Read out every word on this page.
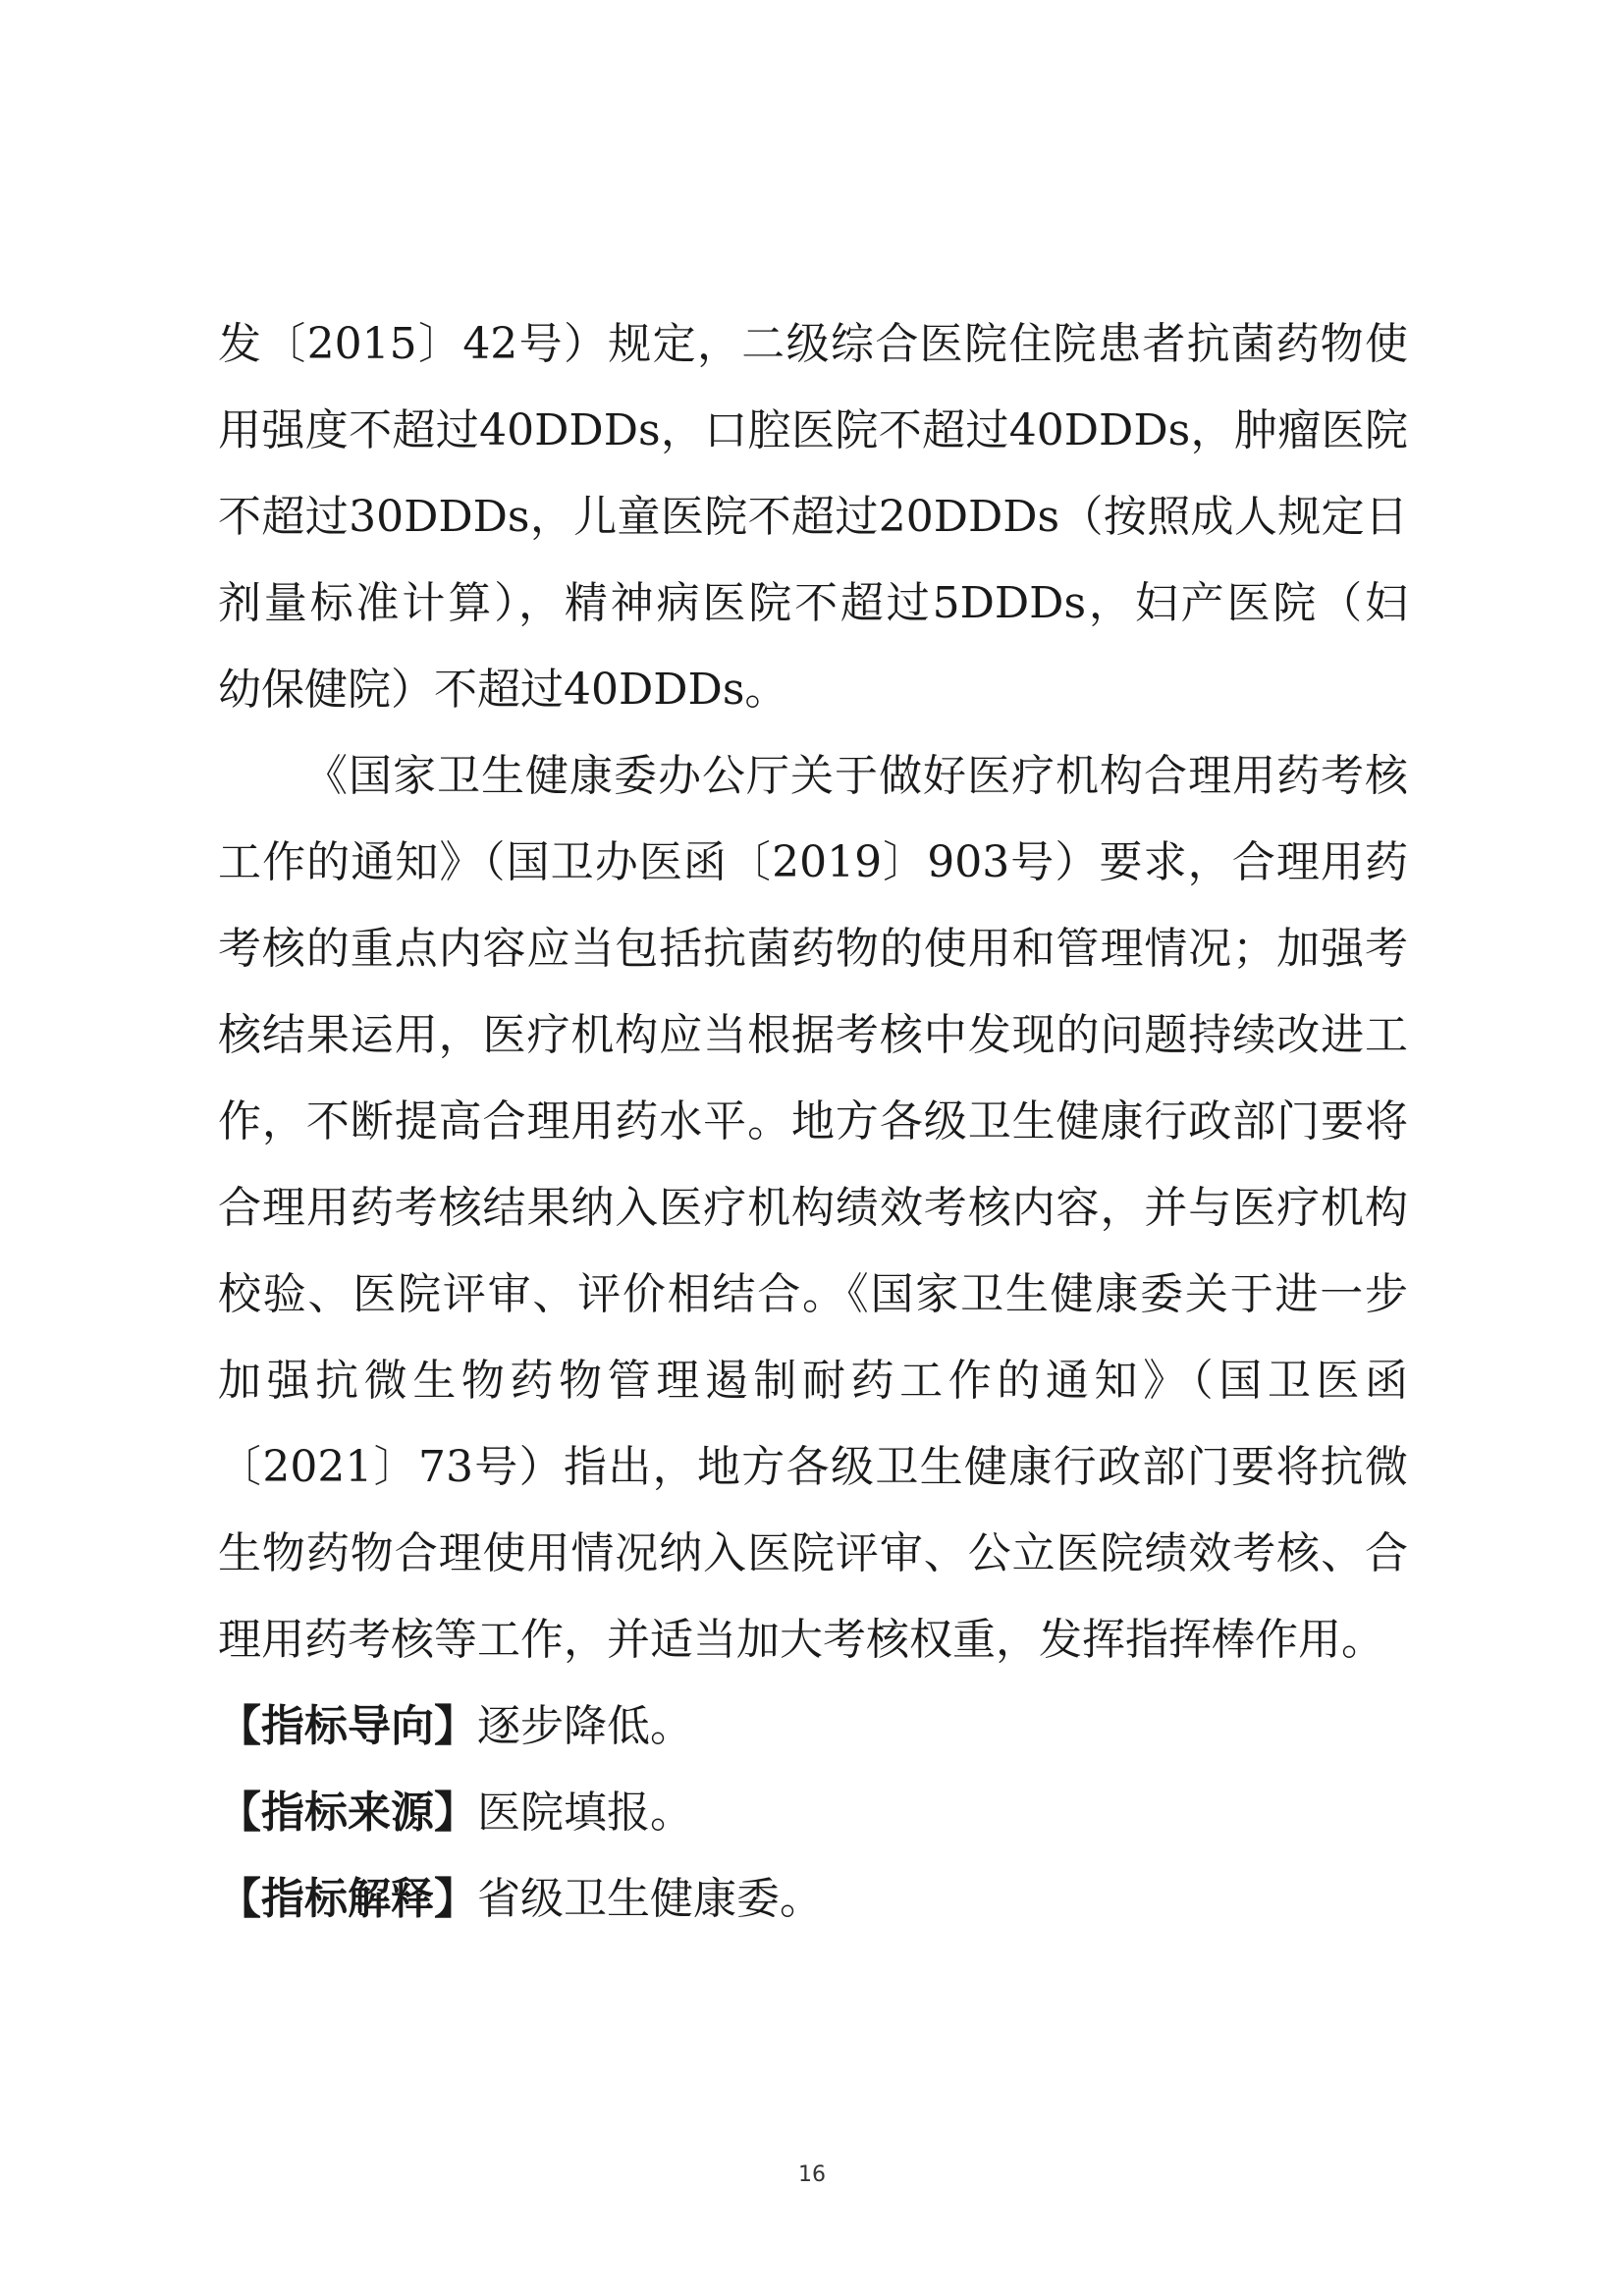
发〔2015〕42号）规定，二级综合医院住院患者抗菌药物使
用强度不超过40DDDs，口腔医院不超过40DDDs，肿瘤医院
不超过30DDDs，儿童医院不超过20DDDs（按照成人规定日
剂量标准计算），精神病医院不超过5DDDs，妇产医院（妇
幼保健院）不超过40DDDs。
《国家卫生健康委办公厅关于做好医疗机构合理用药考核
工作的通知》（国卫办医函〔2019〕903号）要求，合理用药
考核的重点内容应当包括抗菌药物的使用和管理情况；加强考
核结果运用，医疗机构应当根据考核中发现的问题持续改进工
作，不断提高合理用药水平。地方各级卫生健康行政部门要将
合理用药考核结果纳入医疗机构绩效考核内容，并与医疗机构
校验、医院评审、评价相结合。《国家卫生健康委关于进一步
加强抗微生物药物管理遏制耐药工作的通知》（国卫医函
〔2021〕73号）指出，地方各级卫生健康行政部门要将抗微
生物药物合理使用情况纳入医院评审、公立医院绩效考核、合
理用药考核等工作，并适当加大考核权重，发挥指挥棒作用。
【指标导向】逐步降低。
【指标来源】医院填报。
【指标解释】省级卫生健康委。
16
